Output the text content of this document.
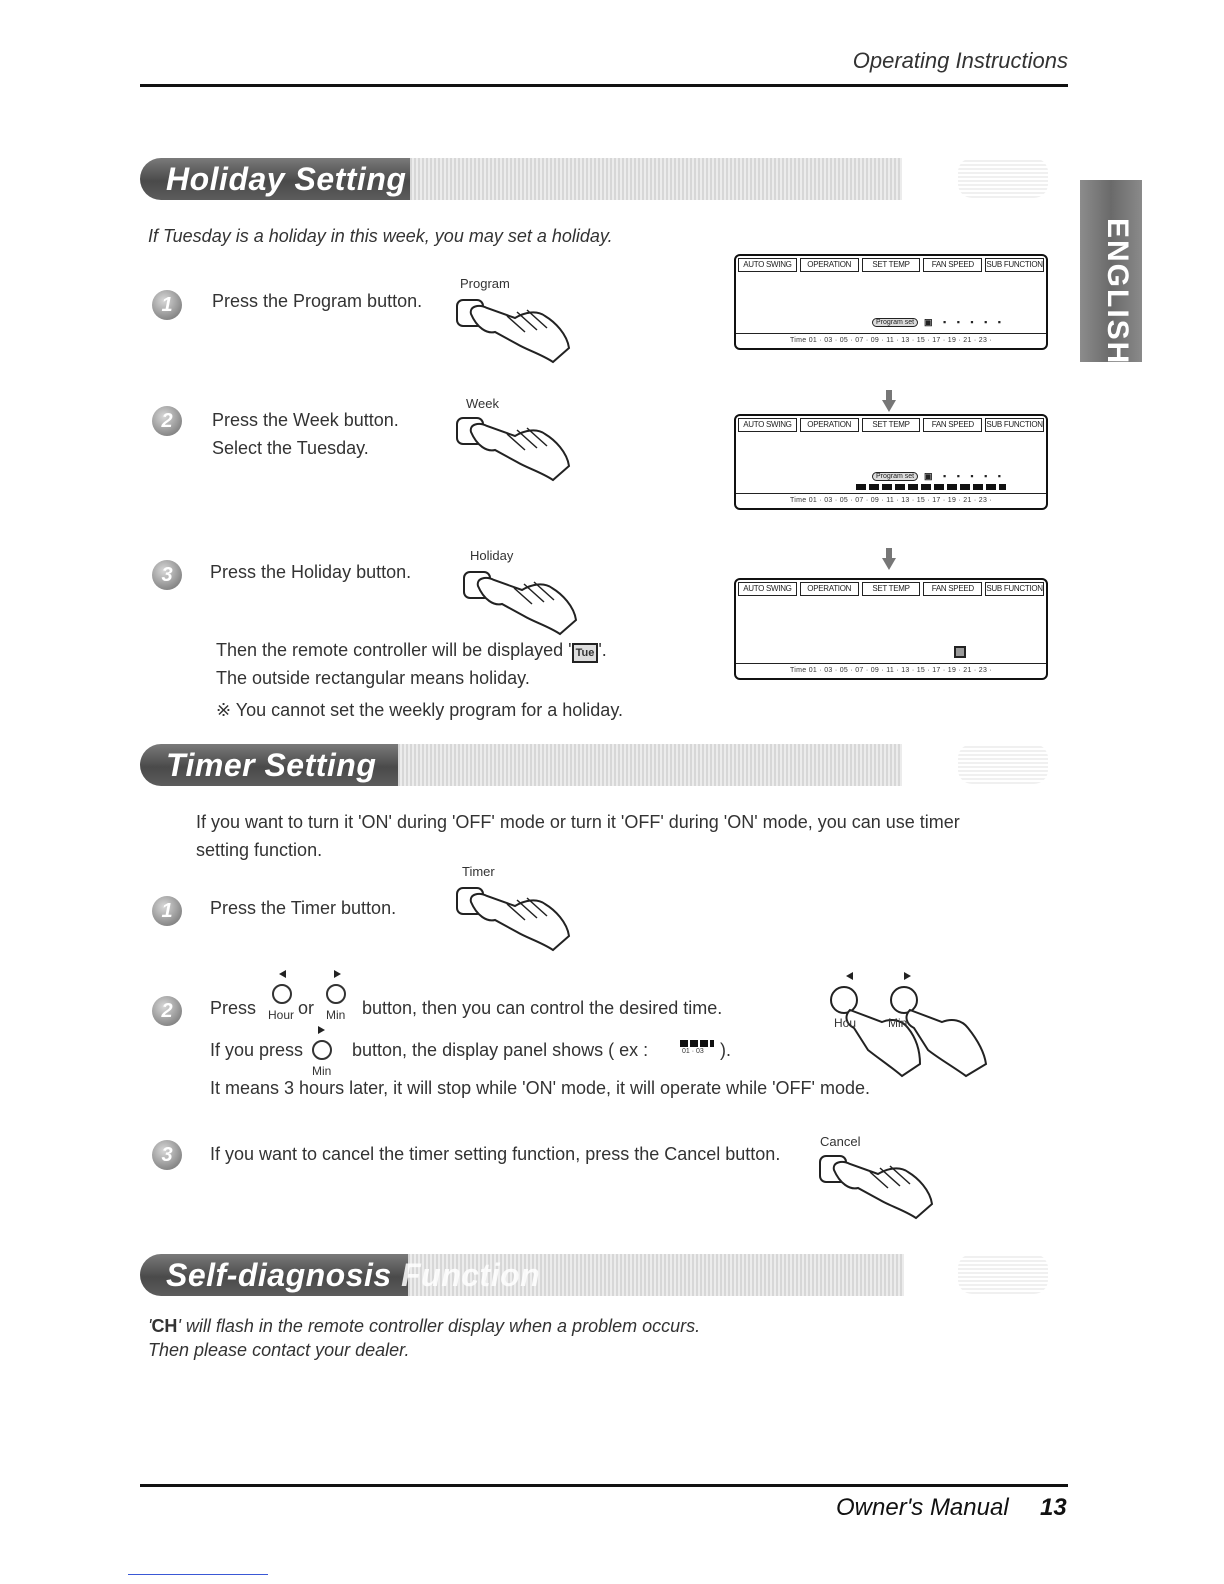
Operating Instructions
ENGLISH
Holiday Setting
If Tuesday is a holiday in this week, you may set a holiday.
1	Press the Program button.
Program
2	Press the Week button.
Select the Tuesday.
Week
3	Press the Holiday button.
Holiday
Then the remote controller will be displayed ' Tue '.
The outside rectangular means holiday.
※ You cannot set the weekly program for a holiday.
AUTO SWING	OPERATION	SET TEMP	FAN SPEED	SUB FUNCTION
Program set	▣ ▪ ▪ ▪ ▪ ▪
Time 01 · 03 · 05 · 07 · 09 · 11 · 13 · 15 · 17 · 19 · 21 · 23 ·
AUTO SWING	OPERATION	SET TEMP	FAN SPEED	SUB FUNCTION
Program set	▣ ▪ ▪ ▪ ▪ ▪
Time 01 · 03 · 05 · 07 · 09 · 11 · 13 · 15 · 17 · 19 · 21 · 23 ·
AUTO SWING	OPERATION	SET TEMP	FAN SPEED	SUB FUNCTION
Time 01 · 03 · 05 · 07 · 09 · 11 · 13 · 15 · 17 · 19 · 21 · 23 ·
Timer Setting
If you want to turn it 'ON' during 'OFF' mode or turn it 'OFF' during 'ON' mode, you can use timer
setting function.
1	Press the Timer button.
Timer
2	Press Hour or Min button, then you can control the desired time.
If you press
Min
button, the display panel shows ( ex :	01 · 03 ).
It means 3 hours later, it will stop while 'ON' mode, it will operate while 'OFF' mode.
Hou	Min
3	If you want to cancel the timer setting function, press the Cancel button.
Cancel
Self-diagnosis Function
'CH' will flash in the remote controller display when a problem occurs.
Then please contact your dealer.
Owner's Manual 13
